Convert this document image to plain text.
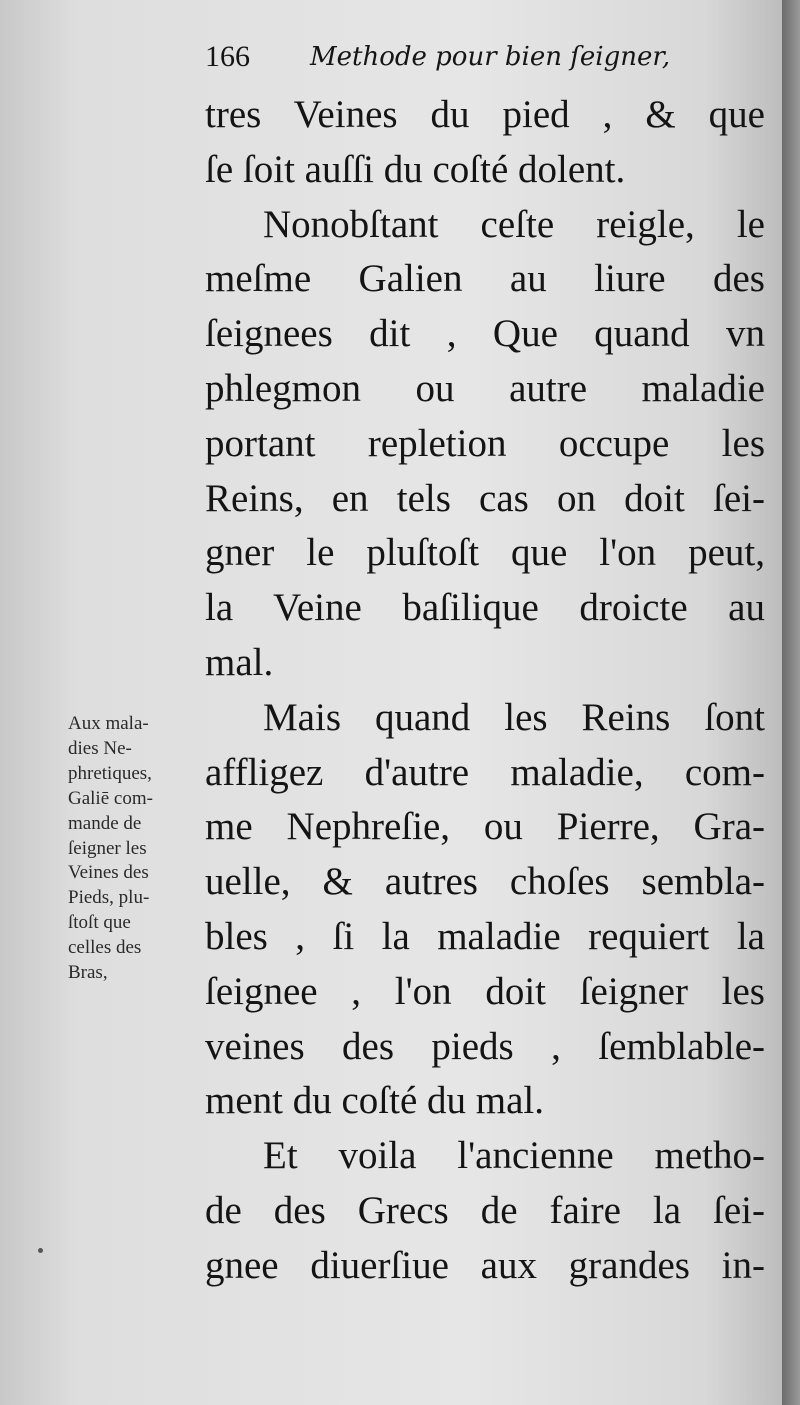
166 Methode pour bien ſeigner,
tres Veines du pied , & que
ſe ſoit auſſi du coſté dolent.
Nonobſtant ceſte reigle, le
meſme Galien au liure des
ſeignees dit , Que quand vn
phlegmon ou autre maladie
portant repletion occupe les
Reins, en tels cas on doit ſei-
gner le pluſtoſt que l'on peut,
la Veine baſilique droicte au
mal.
Mais quand les Reins ſont
affligez d'autre maladie, com-
me Nephreſie, ou Pierre, Gra-
uelle, & autres choſes sembla-
bles , ſi la maladie requiert la
ſeignee , l'on doit ſeigner les
veines des pieds , ſemblable-
ment du coſté du mal.
Et voila l'ancienne metho-
de des Grecs de faire la ſei-
gnee diuerſiue aux grandes in-
Aux mala-
dies Ne-
phretiques,
Galiē com-
mande de
ſeigner les
Veines des
Pieds, plu-
ſtoſt que
celles des
Bras,
